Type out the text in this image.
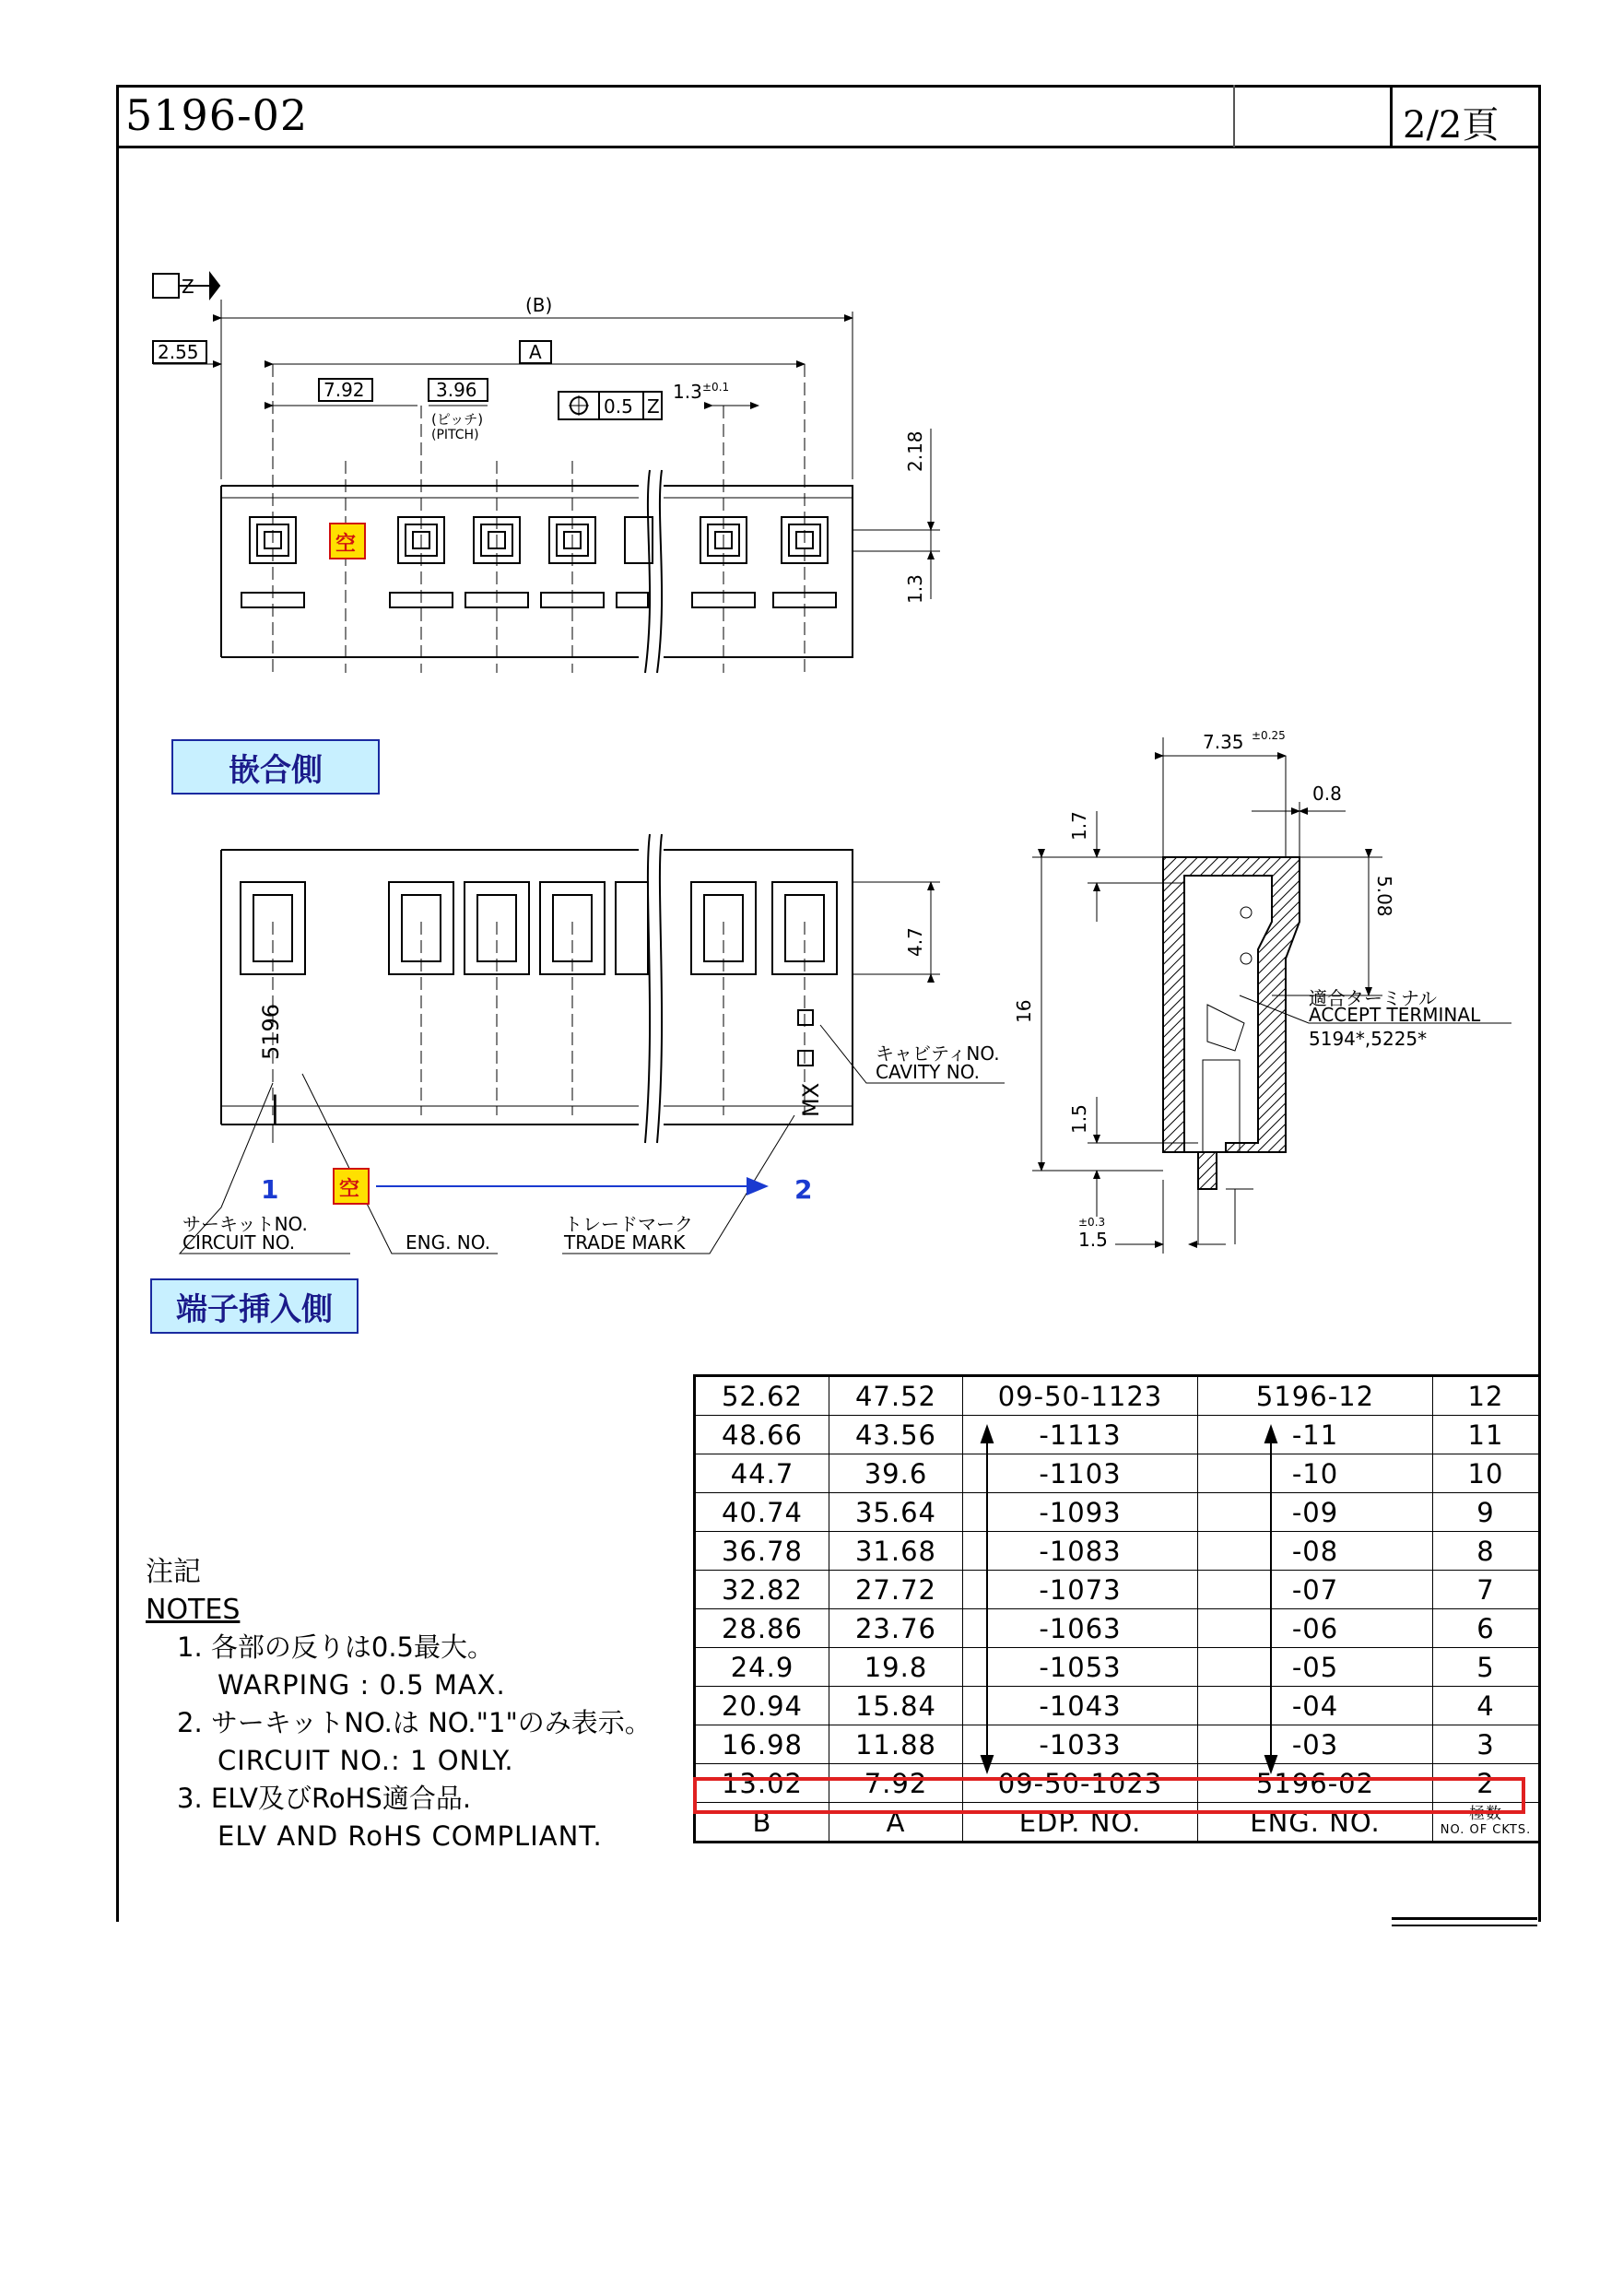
5196-02	2/2頁
Z
(B)
A
2.55
7.92	3.96
(ピッチ)
(PITCH)
0.5 Z
1.3 ±0.1
2.18
1.3
空
4.7
5196
|	MX
キャビティNO.
CAVITY NO.
サーキットNO.
CIRCUIT NO.	ENG. NO.
トレードマーク
TRADE MARK
1	空	2
7.35 ±0.25
0.8
1.7
5.08
16
1.5
±0.3
1.5
適合ターミナル
ACCEPT TERMINAL
5194*,5225*
嵌合側
端子挿入側
注記
NOTES
1. 各部の反りは0.5最大。
WARPING : 0.5 MAX.
2. サーキットNO.は NO."1"のみ表示。
CIRCUIT NO.: 1 ONLY.
3. ELV及びRoHS適合品.
ELV AND RoHS COMPLIANT.
52.62	47.52	09-50-1123	5196-12	12
48.66	43.56	-1113	-11	11
44.7	39.6	-1103	-10	10
40.74	35.64	-1093	-09	9
36.78	31.68	-1083	-08	8
32.82	27.72	-1073	-07	7
28.86	23.76	-1063	-06	6
24.9	19.8	-1053	-05	5
20.94	15.84	-1043	-04	4
16.98	11.88	-1033	-03	3
13.02	7.92	09-50-1023	5196-02	2
B	A	EDP. NO.	ENG. NO.	極数
NO. OF CKTS.
